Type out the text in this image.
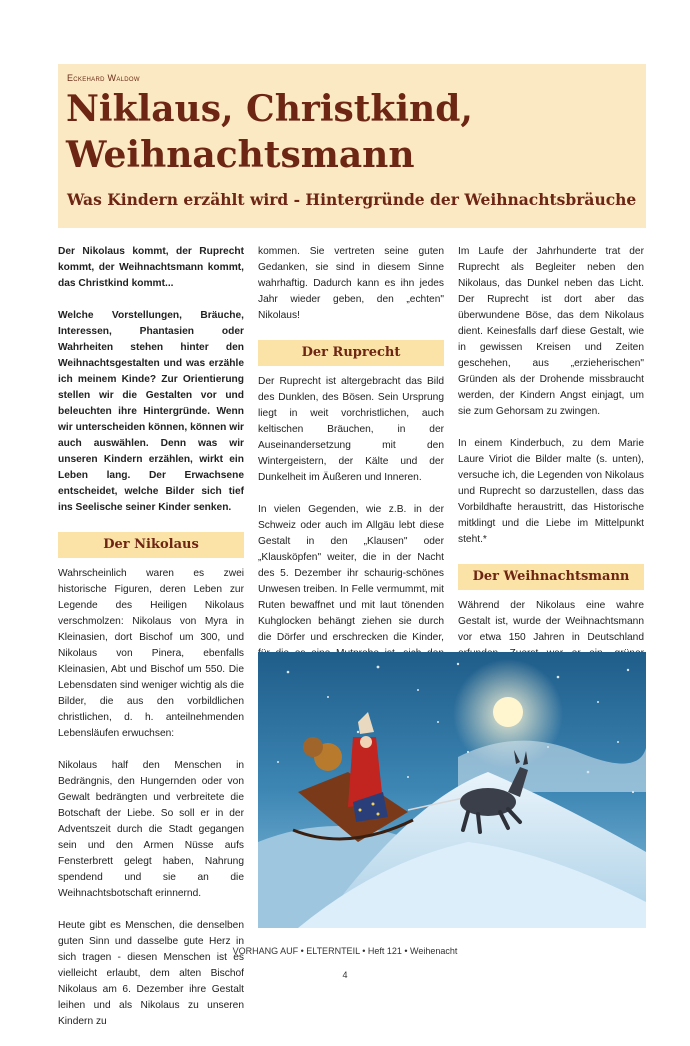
Eckehard Waldow
Niklaus, Christkind, Weihnachtsmann
Was Kindern erzählt wird - Hintergründe der Weihnachtsbräuche

Der Nikolaus kommt, der Ruprecht kommt, der Weihnachtsmann kommt, das Christkind kommt...

Welche Vorstellungen, Bräuche, Interessen, Phantasien oder Wahrheiten stehen hinter den Weihnachtsgestalten und was erzähle ich meinem Kinde? Zur Orientierung stellen wir die Gestalten vor und beleuchten ihre Hintergründe. Wenn wir unterscheiden können, können wir auch auswählen. Denn was wir unseren Kindern erzählen, wirkt ein Leben lang. Der Erwachsene entscheidet, welche Bilder sich tief ins Seelische seiner Kinder senken.

Der Nikolaus

Wahrscheinlich waren es zwei historische Figuren, deren Leben zur Legende des Heiligen Nikolaus verschmolzen: Nikolaus von Myra in Kleinasien, dort Bischof um 300, und Nikolaus von Pinera, ebenfalls Kleinasien, Abt und Bischof um 550. Die Lebensdaten sind weniger wichtig als die Bilder, die aus den vorbildlichen christlichen, d. h. anteilnehmenden Lebensläufen erwuchsen:

Nikolaus half den Menschen in Bedrängnis, den Hungernden oder von Gewalt bedrängten und verbreitete die Botschaft der Liebe. So soll er in der Adventszeit durch die Stadt gegangen sein und den Armen Nüsse aufs Fensterbrett gelegt haben, Nahrung spendend und sie an die Weihnachtsbotschaft erinnernd.

Heute gibt es Menschen, die denselben guten Sinn und dasselbe gute Herz in sich tragen - diesen Menschen ist es vielleicht erlaubt, dem alten Bischof Nikolaus am 6. Dezember ihre Gestalt leihen und als Nikolaus zu unseren Kindern zu

kommen. Sie vertreten seine guten Gedanken, sie sind in diesem Sinne wahrhaftig. Dadurch kann es ihn jedes Jahr wieder geben, den „echten" Nikolaus!

Der Ruprecht

Der Ruprecht ist altergebracht das Bild des Dunklen, des Bösen. Sein Ursprung liegt in weit vorchristlichen, auch keltischen Bräuchen, in der Auseinandersetzung mit den Wintergeistern, der Kälte und der Dunkelheit im Äußeren und Inneren.

In vielen Gegenden, wie z.B. in der Schweiz oder auch im Allgäu lebt diese Gestalt in den „Klausen" oder „Klausköpfen" weiter, die in der Nacht des 5. Dezember ihr schaurig-schönes Unwesen treiben. In Felle vermummt, mit Ruten bewaffnet und mit laut tönenden Kuhglocken behängt ziehen sie durch die Dörfer und erschrecken die Kinder,

Im Laufe der Jahrhunderte trat der Ruprecht als Begleiter neben den Nikolaus, das Dunkel neben das Licht. Der Ruprecht ist dort aber das überwundene Böse, das dem Nikolaus dient. Keinesfalls darf diese Gestalt, wie in gewissen Kreisen und Zeiten geschehen, aus „erzieherischen" Gründen als der Drohende missbraucht werden, der Kindern Angst einjagt, um sie zum Gehorsam zu zwingen.

In einem Kinderbuch, zu dem Marie Laure Viriot die Bilder malte (s. unten), versuche ich, die Legenden von Nikolaus und Ruprecht so darzustellen, dass das Vorbildhafte heraustritt, das Historische mitklingt und die Liebe im Mittelpunkt steht.*

Der Weihnachtsmann

Während der Nikolaus eine wahre Gestalt ist, wurde der Weihnachtsmann vor etwa 150 Jahren in Deutschland

VORHANG AUF • ELTERNTEIL • Heft 121 • Weihenacht
4
